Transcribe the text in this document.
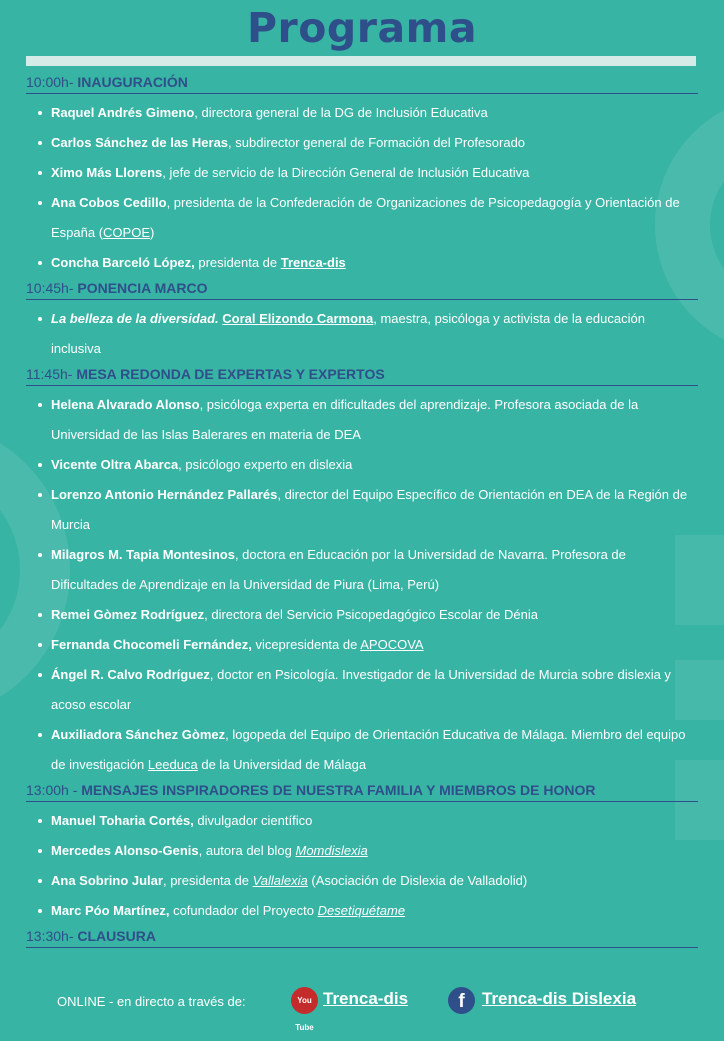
Programa
10:00h- INAUGURACIÓN
Raquel Andrés Gimeno, directora general de la DG de Inclusión Educativa
Carlos Sánchez de las Heras, subdirector general de Formación del Profesorado
Ximo Más Llorens, jefe de servicio de la Dirección General de Inclusión Educativa
Ana Cobos Cedillo, presidenta de la Confederación de Organizaciones de Psicopedagogía y Orientación de España (COPOE)
Concha Barceló López, presidenta de Trenca-dis
10:45h- PONENCIA MARCO
La belleza de la diversidad. Coral Elizondo Carmona, maestra, psicóloga y activista de la educación inclusiva
11:45h- MESA REDONDA DE EXPERTAS Y EXPERTOS
Helena Alvarado Alonso, psicóloga experta en dificultades del aprendizaje. Profesora asociada de la Universidad de las Islas Balerares en materia de DEA
Vicente Oltra Abarca, psicólogo experto en dislexia
Lorenzo Antonio Hernández Pallarés, director del Equipo Específico de Orientación en DEA de la Región de Murcia
Milagros M. Tapia Montesinos, doctora en Educación por la Universidad de Navarra. Profesora de Dificultades de Aprendizaje en la Universidad de Piura (Lima, Perú)
Remei Gòmez Rodríguez, directora del Servicio Psicopedagógico Escolar de Dénia
Fernanda Chocomeli Fernández, vicepresidenta de APOCOVA
Ángel R. Calvo Rodríguez, doctor en Psicología. Investigador de la Universidad de Murcia sobre dislexia y acoso escolar
Auxiliadora Sánchez Gòmez, logopeda del Equipo de Orientación Educativa de Málaga. Miembro del equipo de investigación Leeduca de la Universidad de Málaga
13:00h - MENSAJES INSPIRADORES DE NUESTRA FAMILIA Y MIEMBROS DE HONOR
Manuel Toharia Cortés, divulgador científico
Mercedes Alonso-Genis, autora del blog Momdislexia
Ana Sobrino Jular, presidenta de Vallalexia (Asociación de Dislexia de Valladolid)
Marc Póo Martínez, cofundador del Proyecto Desetiquétame
13:30h- CLAUSURA
ONLINE - en directo a través de:	You Tube
Trenca-dis	f	Trenca-dis Dislexia
